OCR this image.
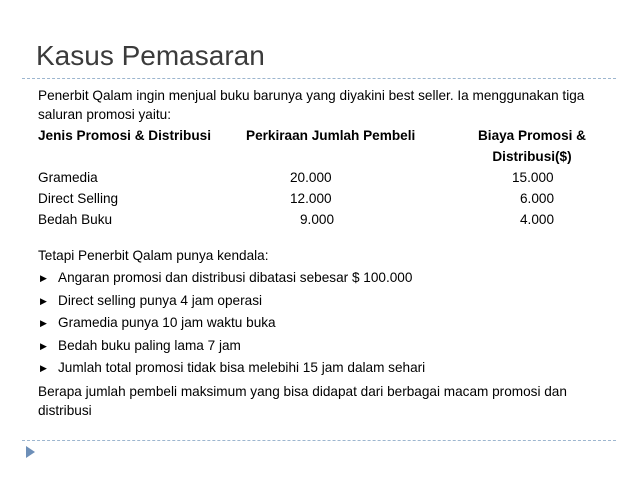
Kasus Pemasaran

Penerbit Qalam ingin menjual buku barunya yang diyakini best seller. Ia menggunakan tiga saluran promosi yaitu:

Jenis Promosi & Distribusi	Perkiraan Jumlah Pembeli	Biaya Promosi &
		Distribusi($)
Gramedia	20.000	15.000
Direct Selling	12.000	6.000
Bedah Buku	9.000	4.000

Tetapi Penerbit Qalam punya kendala:

▶ Angaran promosi dan distribusi dibatasi sebesar $ 100.000
▶ Direct selling punya 4 jam operasi
▶ Gramedia punya 10 jam waktu buka
▶ Bedah buku paling lama 7 jam
▶ Jumlah total promosi tidak bisa melebihi 15 jam dalam sehari

Berapa jumlah pembeli maksimum yang bisa didapat dari berbagai macam promosi dan distribusi
